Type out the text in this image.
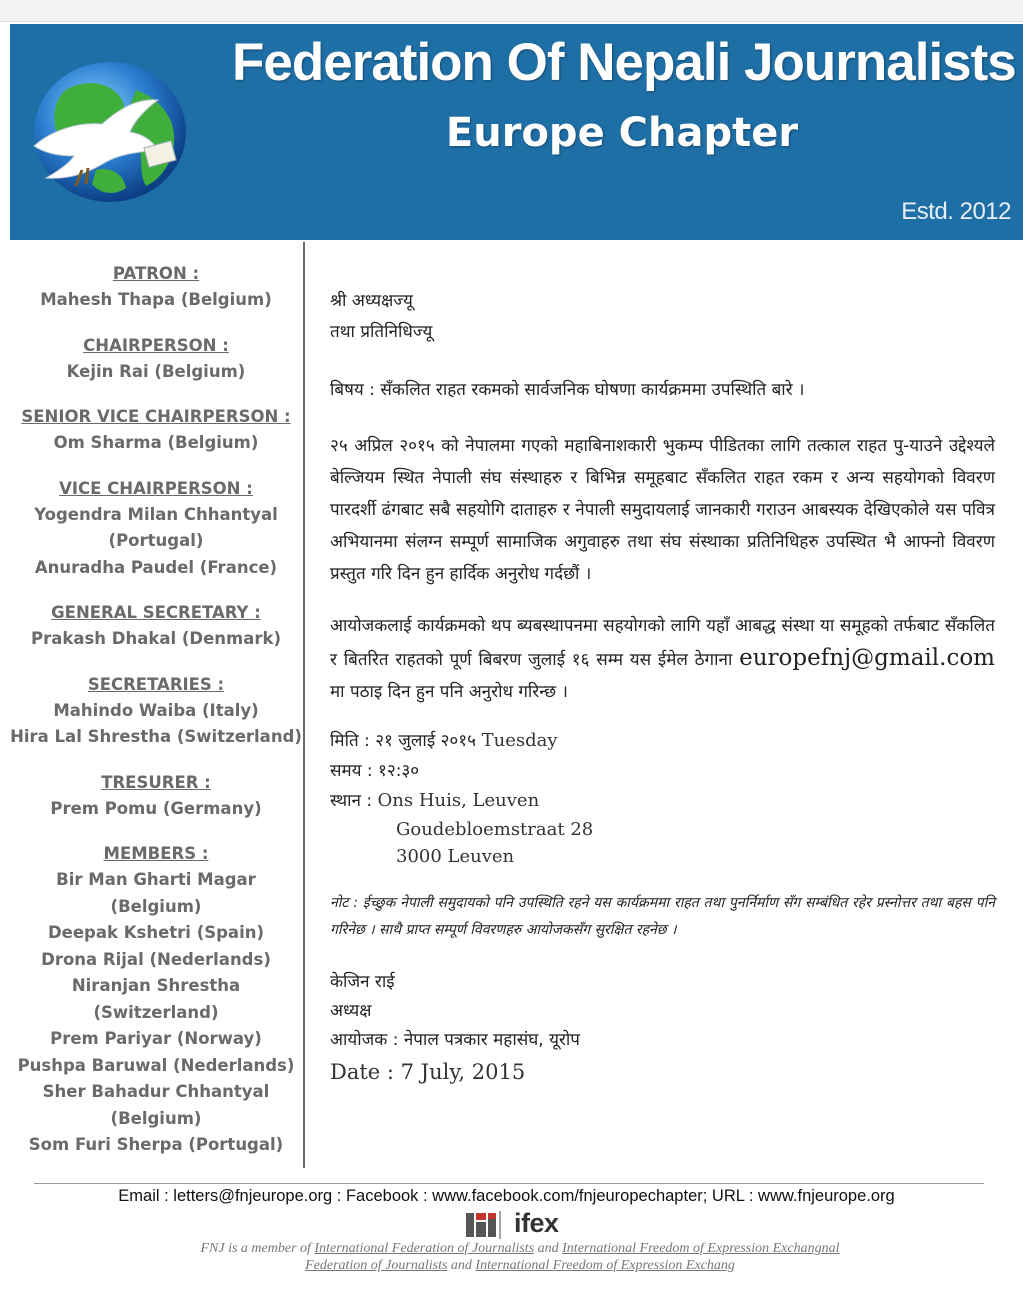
Federation Of Nepali Journalists
Europe Chapter
Estd. 2012
PATRON :
Mahesh Thapa (Belgium)
CHAIRPERSON :
Kejin Rai (Belgium)
SENIOR VICE CHAIRPERSON :
Om Sharma (Belgium)
VICE CHAIRPERSON :
Yogendra Milan Chhantyal
(Portugal)
Anuradha Paudel (France)
GENERAL SECRETARY :
Prakash Dhakal (Denmark)
SECRETARIES :
Mahindo Waiba (Italy)
Hira Lal Shrestha (Switzerland)
TRESURER :
Prem Pomu (Germany)
MEMBERS :
Bir Man Gharti Magar (Belgium)
Deepak Kshetri (Spain)
Drona Rijal (Nederlands)
Niranjan Shrestha (Switzerland)
Prem Pariyar (Norway)
Pushpa Baruwal (Nederlands)
Sher Bahadur Chhantyal
(Belgium)
Som Furi Sherpa (Portugal)
श्री अध्यक्षज्यू
तथा प्रतिनिधिज्यू
बिषय : सँकलित राहत रकमको सार्वजनिक घोषणा कार्यक्रममा उपस्थिति बारे ।
२५ अप्रिल २०१५ को नेपालमा गएको महाबिनाशकारी भुकम्प पीडितका लागि तत्काल राहत पु-याउने उद्देश्यले बेल्जियम स्थित नेपाली संघ संस्थाहरु र बिभिन्न समूहबाट सँकलित राहत रकम र अन्य सहयोगको विवरण पारदर्शी ढंगबाट सबै सहयोगि दाताहरु र नेपाली समुदायलाई जानकारी गराउन आबस्यक देखिएकोले यस पवित्र अभियानमा संलग्न सम्पूर्ण सामाजिक अगुवाहरु तथा संघ संस्थाका प्रतिनिधिहरु उपस्थित भै आफ्नो विवरण प्रस्तुत गरि दिन हुन हार्दिक अनुरोध गर्दछौं ।
आयोजकलाई कार्यक्रमको थप ब्यबस्थापनमा सहयोगको लागि यहाँ आबद्ध संस्था या समूहको तर्फबाट सँकलित र बितरित राहतको पूर्ण बिबरण जुलाई १६ सम्म यस ईमेल ठेगाना europefnj@gmail.com मा पठाइ दिन हुन पनि अनुरोध गरिन्छ ।
मिति : २१ जुलाई २०१५ Tuesday
समय : १२:३०
स्थान : Ons Huis, Leuven
Goudebloemstraat 28
3000 Leuven
नोट : ईच्छुक नेपाली समुदायको पनि उपस्थिति रहने यस कार्यक्रममा राहत तथा पुनर्निर्माण सँग सम्बंधित रहेर प्रस्नोत्तर तथा बहस पनि गरिनेछ । साथै प्राप्त सम्पूर्ण विवरणहरु आयोजकसँग सुरक्षित रहनेछ ।
केजिन राई
अध्यक्ष
आयोजक : नेपाल पत्रकार महासंघ, यूरोप
Date : 7 July, 2015
Email : letters@fnjeurope.org : Facebook : www.facebook.com/fnjeuropechapter; URL : www.fnjeurope.org
ifex
FNJ is a member of International Federation of Journalists and International Freedom of Expression Exchangnal
Federation of Journalists and International Freedom of Expression Exchang
